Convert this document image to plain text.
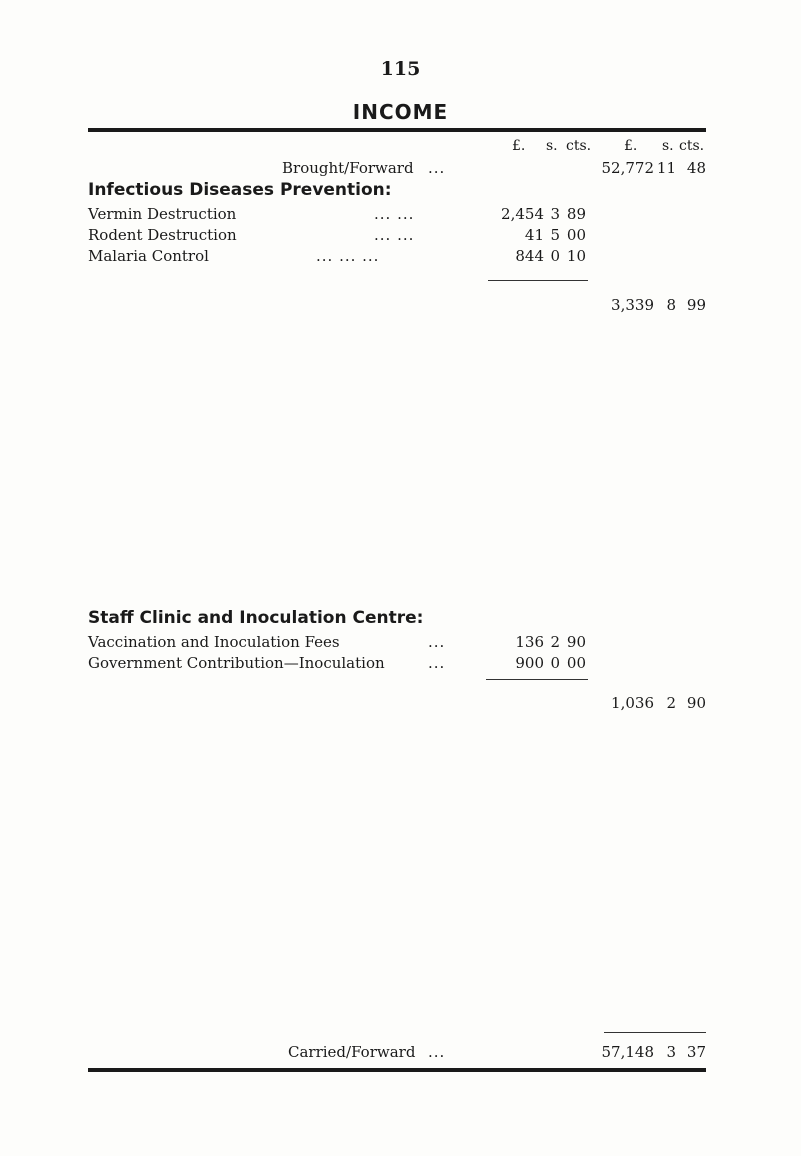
115
INCOME
£. s. cts. £. s. cts.
Brought/Forward ...	52,772 11 48
Infectious Diseases Prevention:
Vermin Destruction	... ...	2,454 3 89
Rodent Destruction	... ...	41 5 00
Malaria Control	... ... ...	844 0 10
3,339 8 99
Staff Clinic and Inoculation Centre:
Vaccination and Inoculation Fees	...	136 2 90
Government Contribution—Inoculation	...	900 0 00
1,036 2 90
Carried/Forward ...	57,148 3 37
